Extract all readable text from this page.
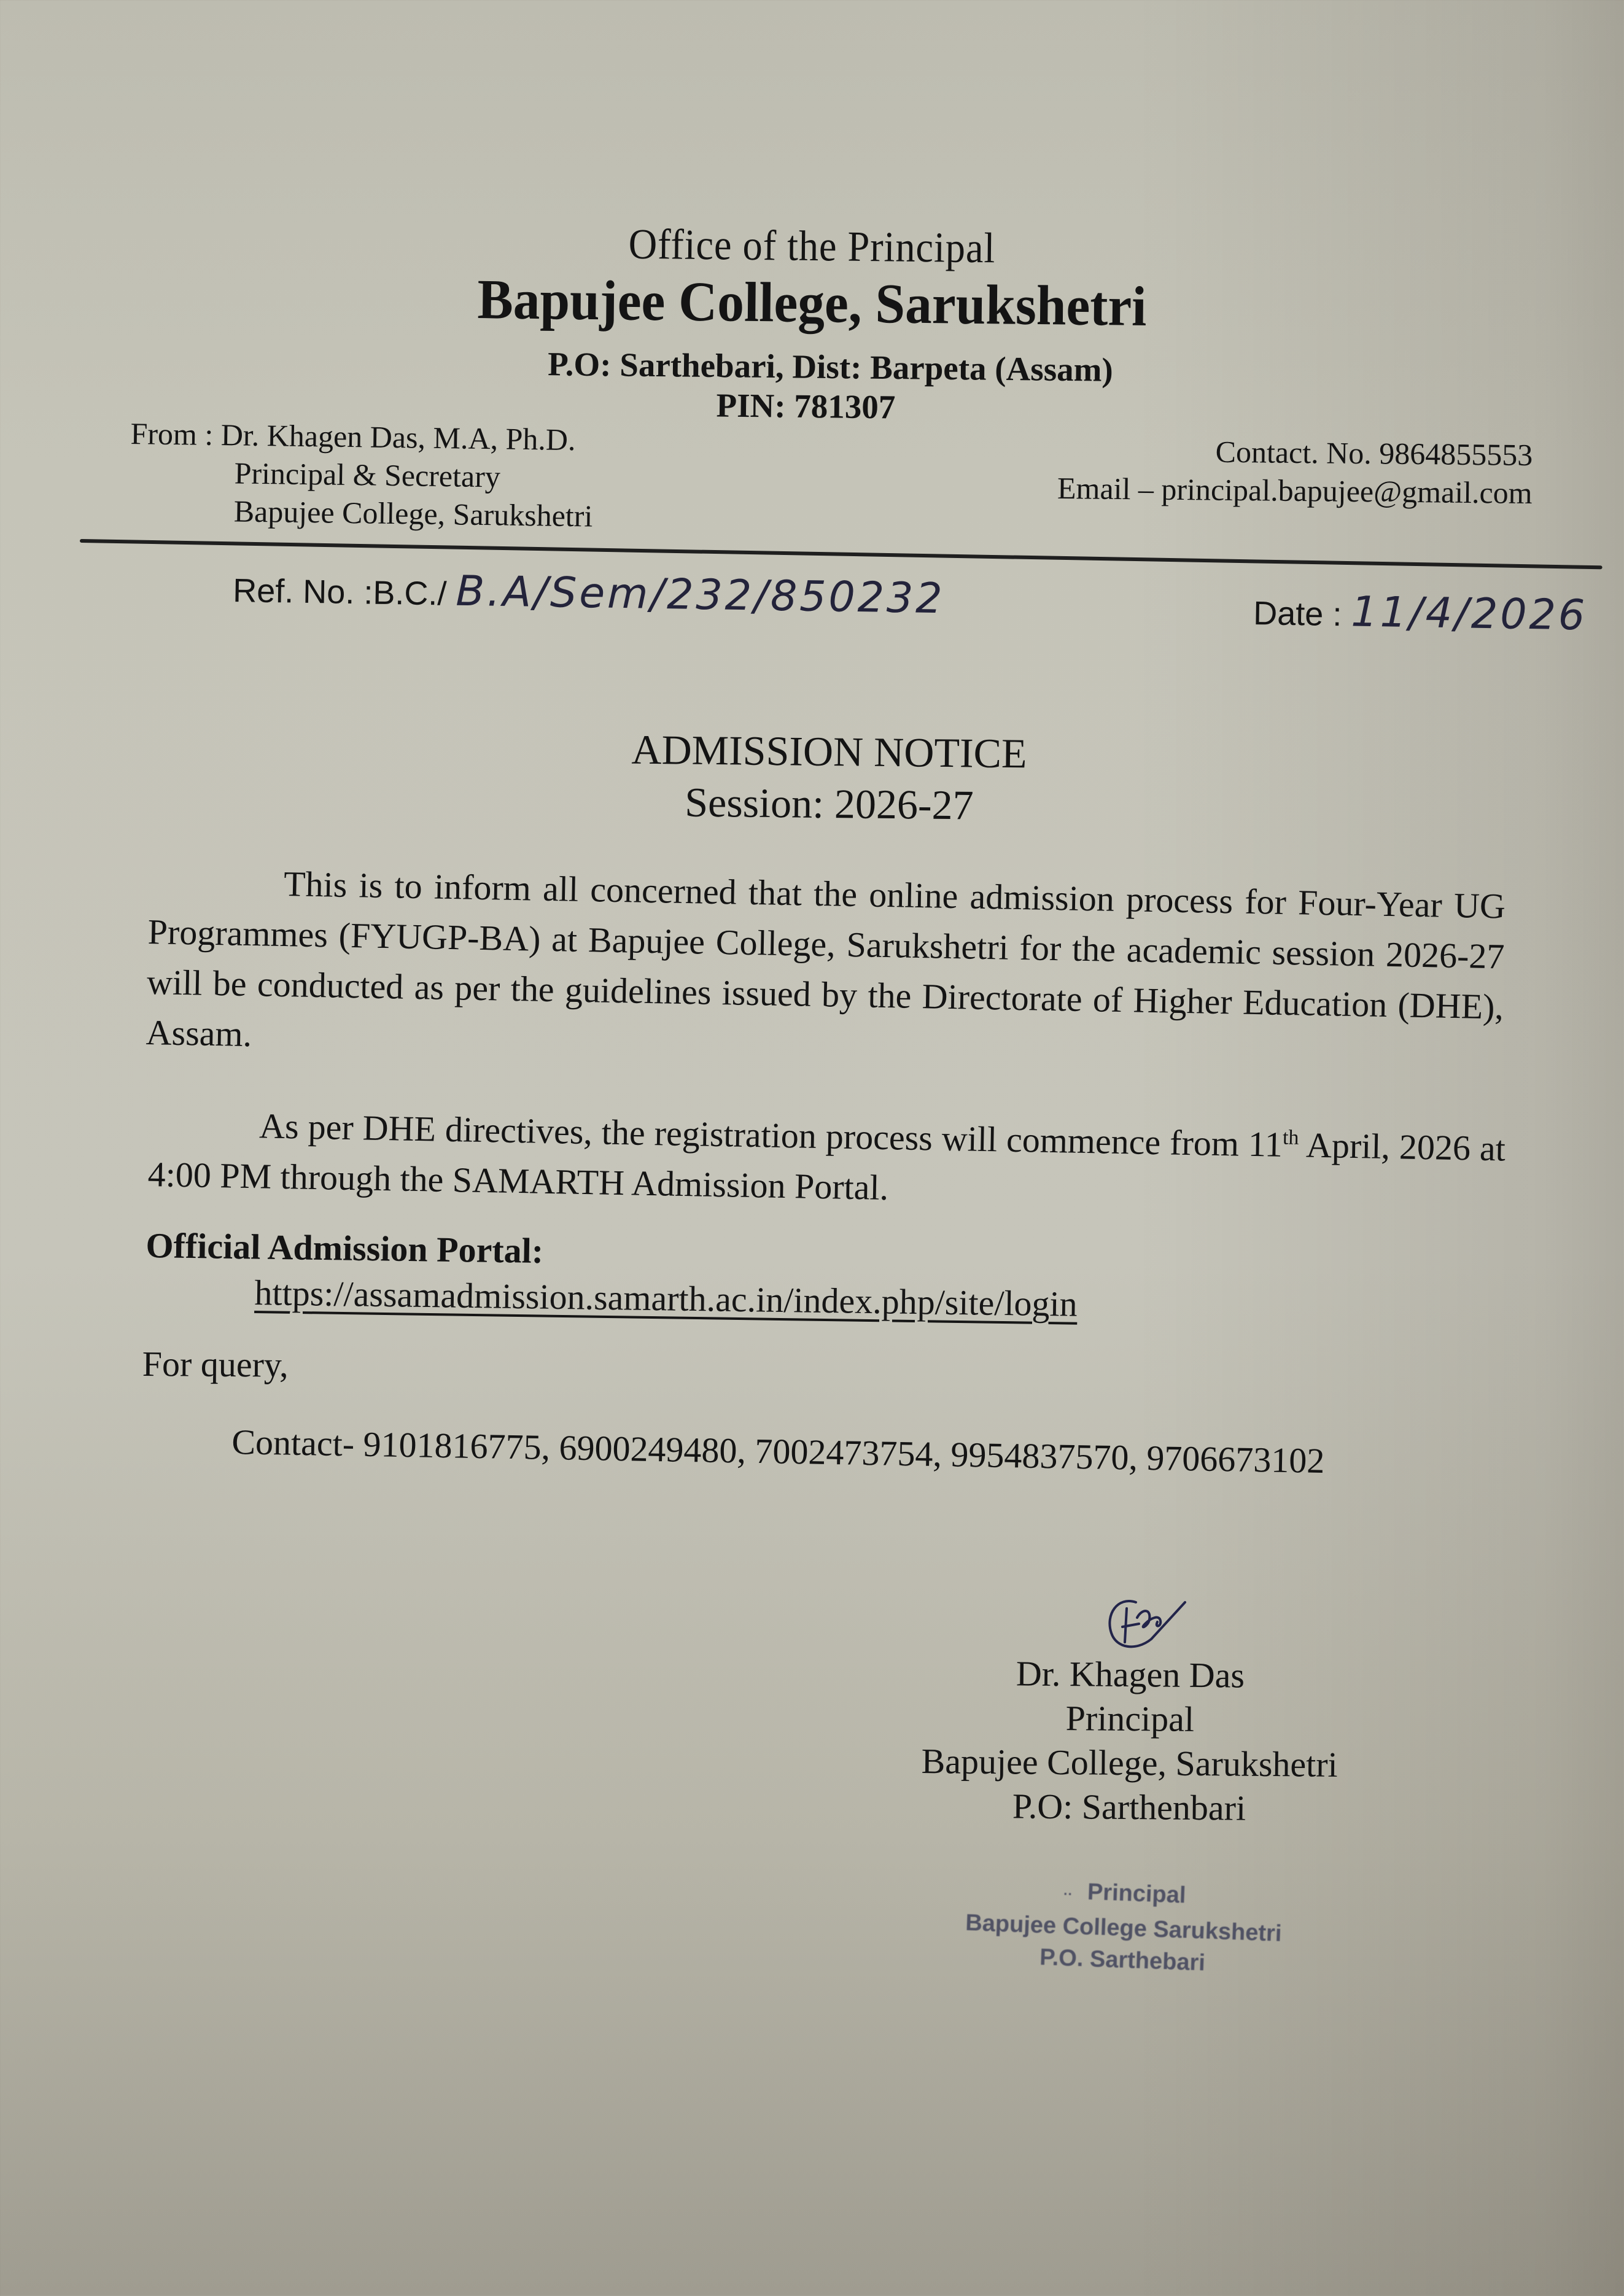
Office of the Principal
Bapujee College, Sarukshetri
P.O: Sarthebari, Dist: Barpeta (Assam)
PIN: 781307
From : Dr. Khagen Das, M.A, Ph.D.
Principal & Secretary
Bapujee College, Sarukshetri
Contact. No. 9864855553
Email – principal.bapujee@gmail.com
Ref. No. :B.C./ B.A/Sem/232/850232	Date : 11/4/2026
ADMISSION NOTICE
Session: 2026-27
This is to inform all concerned that the online admission process for Four-Year UG Programmes (FYUGP-BA) at Bapujee College, Sarukshetri for the academic session 2026-27 will be conducted as per the guidelines issued by the Directorate of Higher Education (DHE), Assam.
As per DHE directives, the registration process will commence from 11th April, 2026 at 4:00 PM through the SAMARTH Admission Portal.
Official Admission Portal:
https://assamadmission.samarth.ac.in/index.php/site/login
For query,
Contact- 9101816775, 6900249480, 7002473754, 9954837570, 9706673102
Dr. Khagen Das
Principal
Bapujee College, Sarukshetri
P.O: Sarthenbari
·· Principal
Bapujee College Sarukshetri
P.O. Sarthebari
